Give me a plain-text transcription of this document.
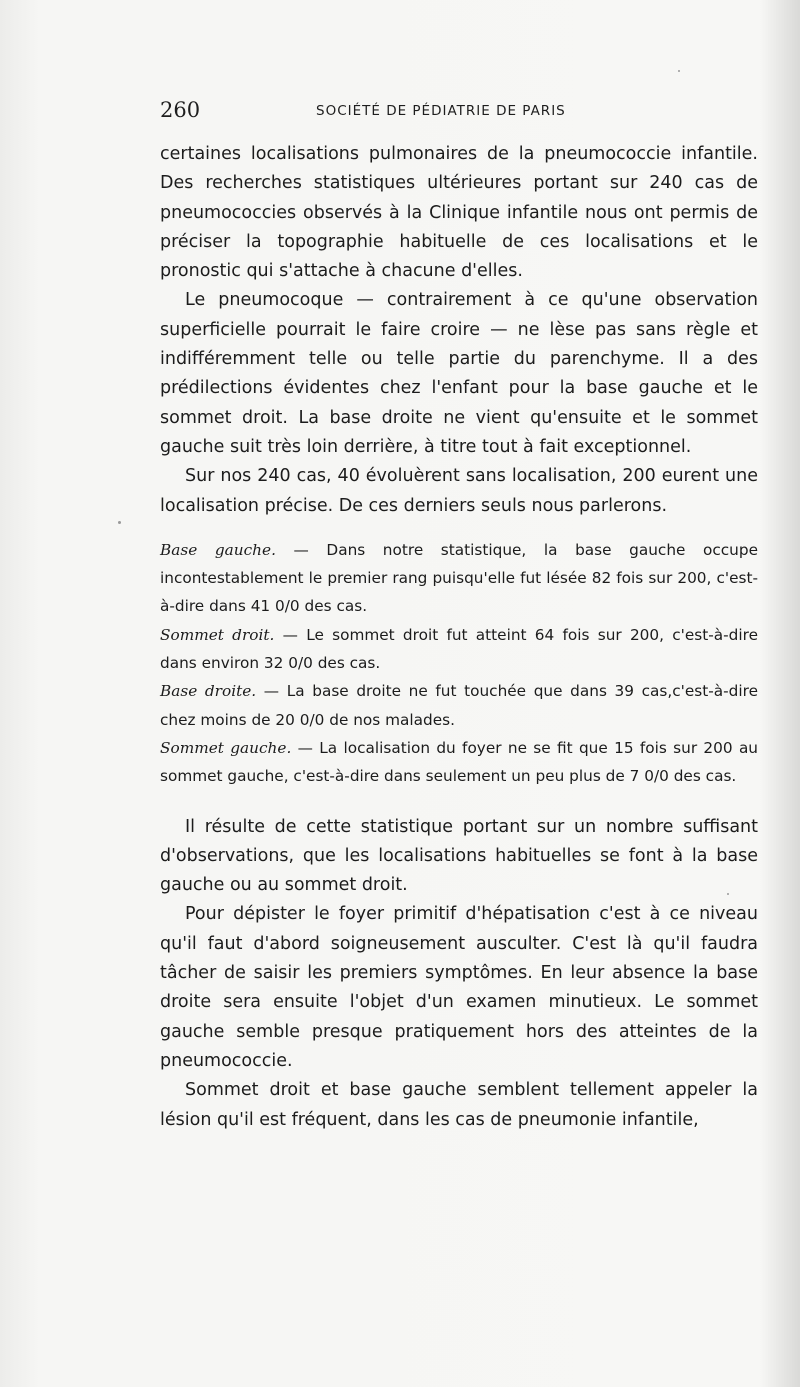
260	SOCIÉTÉ DE PÉDIATRIE DE PARIS

certaines localisations pulmonaires de la pneumococcie infantile. Des recherches statistiques ultérieures portant sur 240 cas de pneumococcies observés à la Clinique infantile nous ont permis de préciser la topographie habituelle de ces localisations et le pronostic qui s'attache à chacune d'elles.

Le pneumocoque — contrairement à ce qu'une observation superficielle pourrait le faire croire — ne lèse pas sans règle et indifféremment telle ou telle partie du parenchyme. Il a des prédilections évidentes chez l'enfant pour la base gauche et le sommet droit. La base droite ne vient qu'ensuite et le sommet gauche suit très loin derrière, à titre tout à fait exceptionnel.

Sur nos 240 cas, 40 évoluèrent sans localisation, 200 eurent une localisation précise. De ces derniers seuls nous parlerons.

Base gauche. — Dans notre statistique, la base gauche occupe incontestablement le premier rang puisqu'elle fut lésée 82 fois sur 200, c'est-à-dire dans 41 0/0 des cas.

Sommet droit. — Le sommet droit fut atteint 64 fois sur 200, c'est-à-dire dans environ 32 0/0 des cas.

Base droite. — La base droite ne fut touchée que dans 39 cas,c'est-à-dire chez moins de 20 0/0 de nos malades.

Sommet gauche. — La localisation du foyer ne se fit que 15 fois sur 200 au sommet gauche, c'est-à-dire dans seulement un peu plus de 7 0/0 des cas.

Il résulte de cette statistique portant sur un nombre suffisant d'observations, que les localisations habituelles se font à la base gauche ou au sommet droit.

Pour dépister le foyer primitif d'hépatisation c'est à ce niveau qu'il faut d'abord soigneusement ausculter. C'est là qu'il faudra tâcher de saisir les premiers symptômes. En leur absence la base droite sera ensuite l'objet d'un examen minutieux. Le sommet gauche semble presque pratiquement hors des atteintes de la pneumococcie.

Sommet droit et base gauche semblent tellement appeler la lésion qu'il est fréquent, dans les cas de pneumonie infantile,
